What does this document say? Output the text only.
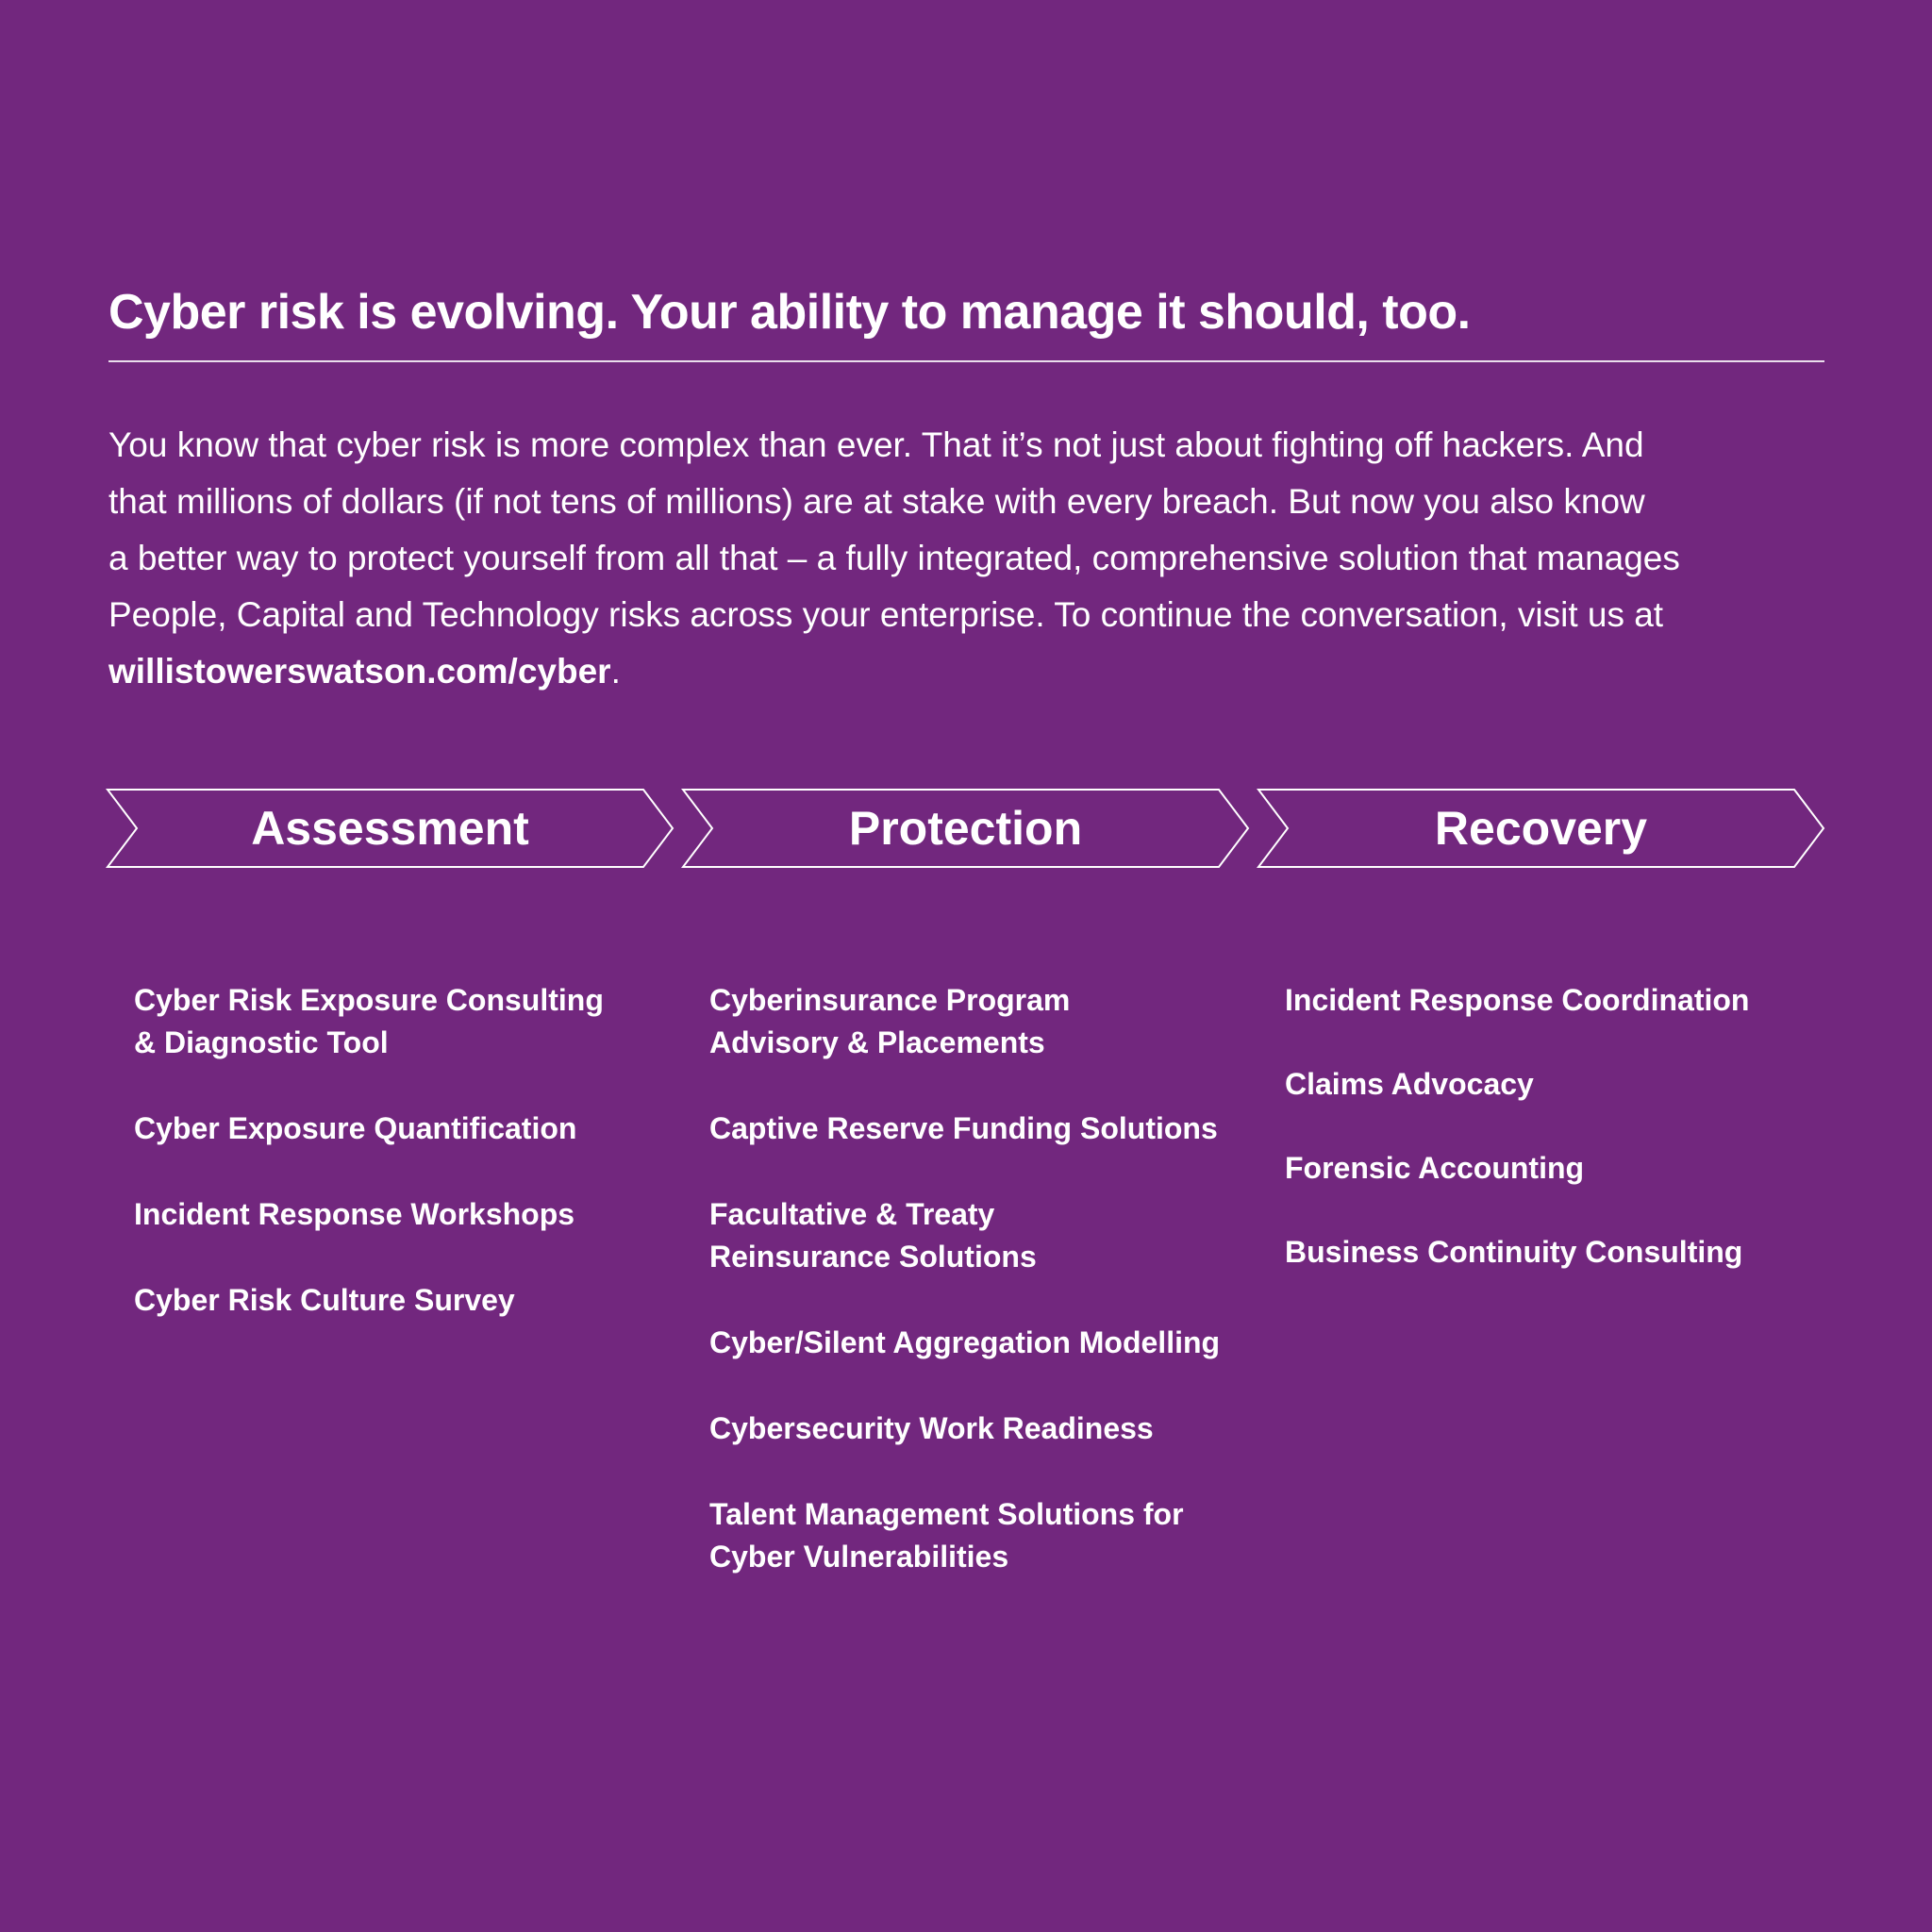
Cyber risk is evolving. Your ability to manage it should, too.

You know that cyber risk is more complex than ever. That it’s not just about fighting off hackers. And
that millions of dollars (if not tens of millions) are at stake with every breach. But now you also know
a better way to protect yourself from all that – a fully integrated, comprehensive solution that manages
People, Capital and Technology risks across your enterprise. To continue the conversation, visit us at
willistowerswatson.com/cyber.

Assessment	Protection	Recovery
Cyber Risk Exposure Consulting
& Diagnostic Tool
Cyber Exposure Quantification
Incident Response Workshops
Cyber Risk Culture Survey
Cyberinsurance Program
Advisory & Placements
Captive Reserve Funding Solutions
Facultative & Treaty
Reinsurance Solutions
Cyber/Silent Aggregation Modelling
Cybersecurity Work Readiness
Talent Management Solutions for
Cyber Vulnerabilities
Incident Response Coordination
Claims Advocacy
Forensic Accounting
Business Continuity Consulting
